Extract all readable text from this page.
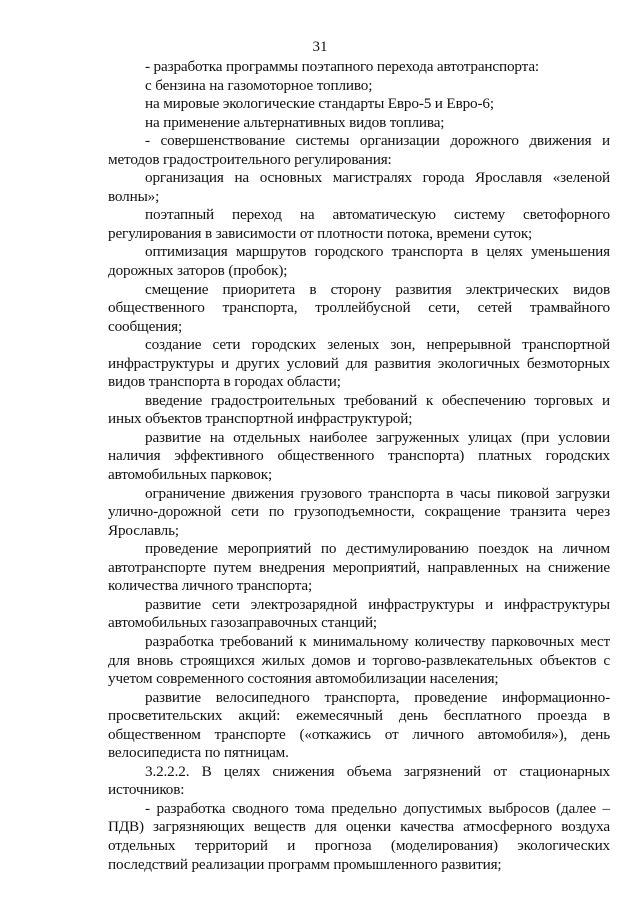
31

- разработка программы поэтапного перехода автотранспорта:

с бензина на газомоторное топливо;

на мировые экологические стандарты Евро-5 и Евро-6;

на применение альтернативных видов топлива;

- совершенствование системы организации дорожного движения и методов градостроительного регулирования:

организация на основных магистралях города Ярославля «зеленой волны»;

поэтапный переход на автоматическую систему светофорного регулирования в зависимости от плотности потока, времени суток;

оптимизация маршрутов городского транспорта в целях уменьшения дорожных заторов (пробок);

смещение приоритета в сторону развития электрических видов общественного транспорта, троллейбусной сети, сетей трамвайного сообщения;

создание сети городских зеленых зон, непрерывной транспортной инфраструктуры и других условий для развития экологичных безмоторных видов транспорта в городах области;

введение градостроительных требований к обеспечению торговых и иных объектов транспортной инфраструктурой;

развитие на отдельных наиболее загруженных улицах (при условии наличия эффективного общественного транспорта) платных городских автомобильных парковок;

ограничение движения грузового транспорта в часы пиковой загрузки улично-дорожной сети по грузоподъемности, сокращение транзита через Ярославль;

проведение мероприятий по дестимулированию поездок на личном автотранспорте путем внедрения мероприятий, направленных на снижение количества личного транспорта;

развитие сети электрозарядной инфраструктуры и инфраструктуры автомобильных газозаправочных станций;

разработка требований к минимальному количеству парковочных мест для вновь строящихся жилых домов и торгово-развлекательных объектов с учетом современного состояния автомобилизации населения;

развитие велосипедного транспорта, проведение информационно-просветительских акций: ежемесячный день бесплатного проезда в общественном транспорте («откажись от личного автомобиля»), день велосипедиста по пятницам.

3.2.2.2. В целях снижения объема загрязнений от стационарных источников:

- разработка сводного тома предельно допустимых выбросов (далее – ПДВ) загрязняющих веществ для оценки качества атмосферного воздуха отдельных территорий и прогноза (моделирования) экологических последствий реализации программ промышленного развития;
